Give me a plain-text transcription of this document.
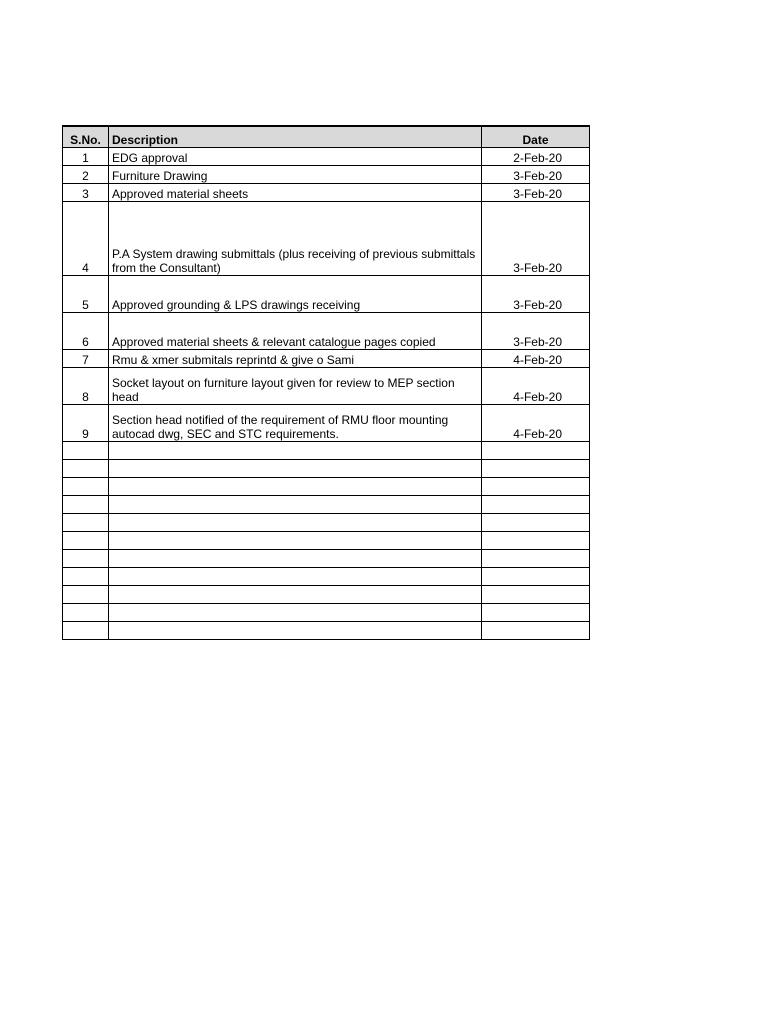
S.No.	Description	Date
1	EDG approval	2-Feb-20
2	Furniture Drawing	3-Feb-20
3	Approved material sheets	3-Feb-20
4	P.A System drawing submittals (plus receiving of previous submittals from the Consultant)	3-Feb-20
5	Approved grounding & LPS drawings receiving	3-Feb-20
6	Approved material sheets & relevant catalogue pages copied	3-Feb-20
7	Rmu & xmer submitals reprintd & give o Sami	4-Feb-20
8	Socket layout on furniture layout given for review to MEP section head	4-Feb-20
9	Section head notified of the requirement of RMU floor mounting autocad dwg, SEC and STC requirements.	4-Feb-20
